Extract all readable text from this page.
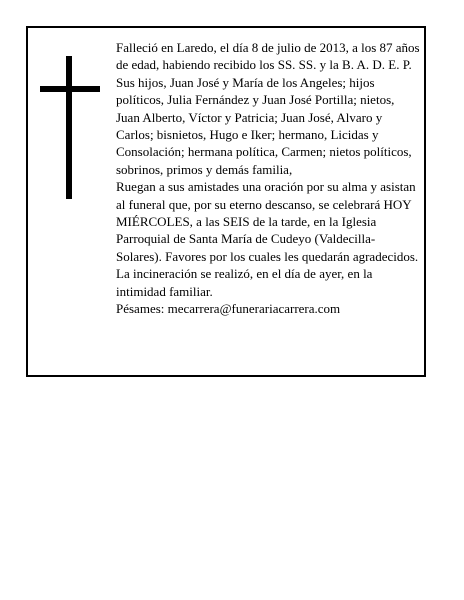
Falleció en Laredo, el día 8 de julio de 2013, a los 87 años de edad, habiendo recibido los SS. SS. y la B. A. D. E. P.

Sus hijos, Juan José y María de los Angeles; hijos políticos, Julia Fernández y Juan José Portilla; nietos, Juan Alberto, Víctor y Patricia; Juan José, Alvaro y Carlos; bisnietos, Hugo e Iker; hermano, Licidas y Consolación; hermana política, Carmen; nietos políticos, sobrinos, primos y demás familia,

Ruegan a sus amistades una oración por su alma y asistan al funeral que, por su eterno descanso, se celebrará HOY MIÉRCOLES, a las SEIS de la tarde, en la Iglesia Parroquial de Santa María de Cudeyo (Valdecilla-Solares). Favores por los cuales les quedarán agradecidos. La incineración se realizó, en el día de ayer, en la intimidad familiar.

Pésames: mecarrera@funerariacarrera.com
